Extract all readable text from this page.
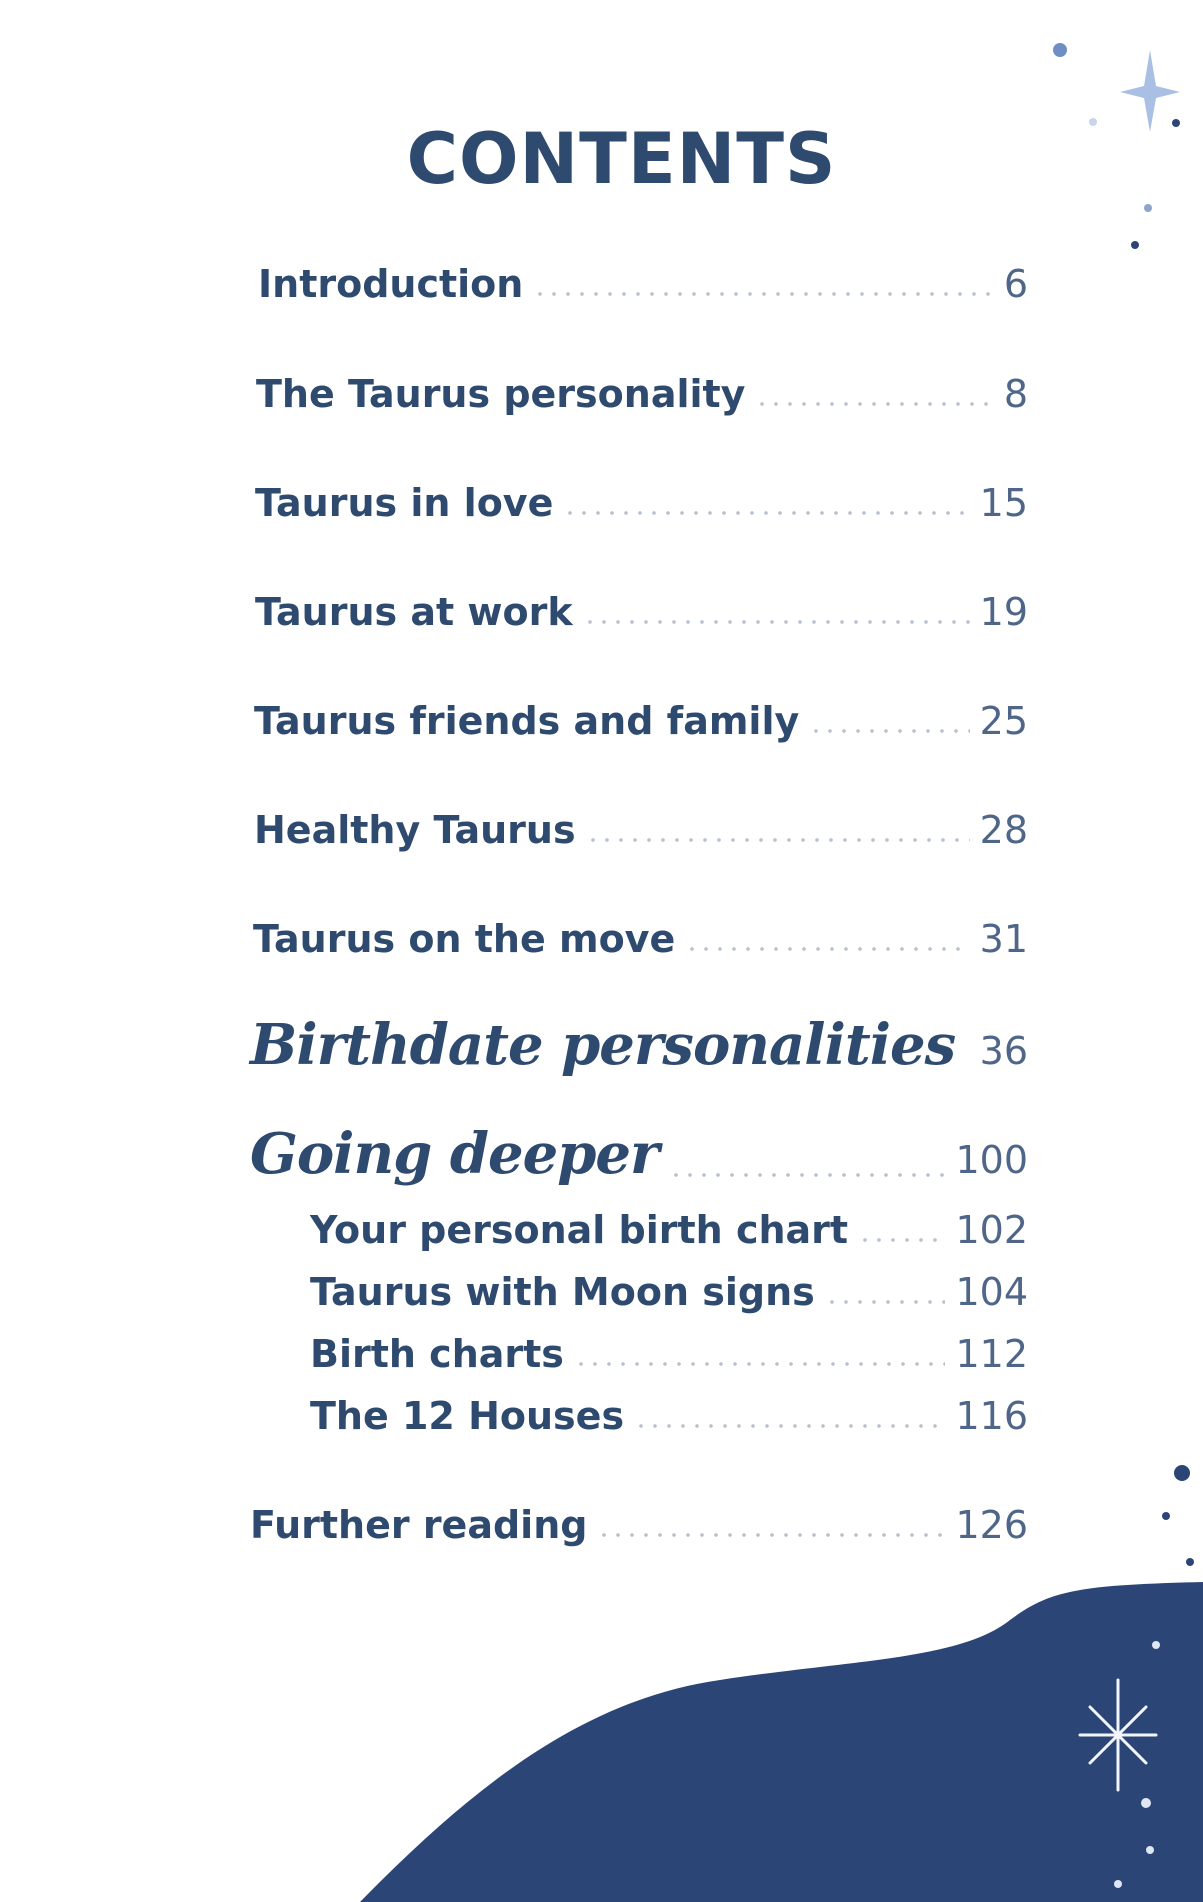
CONTENTS
Introduction	6
The Taurus personality	8
Taurus in love	15
Taurus at work	19
Taurus friends and family	25
Healthy Taurus	28
Taurus on the move	31
Birthdate personalities 36
Going deeper	100
Your personal birth chart	102
Taurus with Moon signs	104
Birth charts	112
The 12 Houses	116
Further reading	126
